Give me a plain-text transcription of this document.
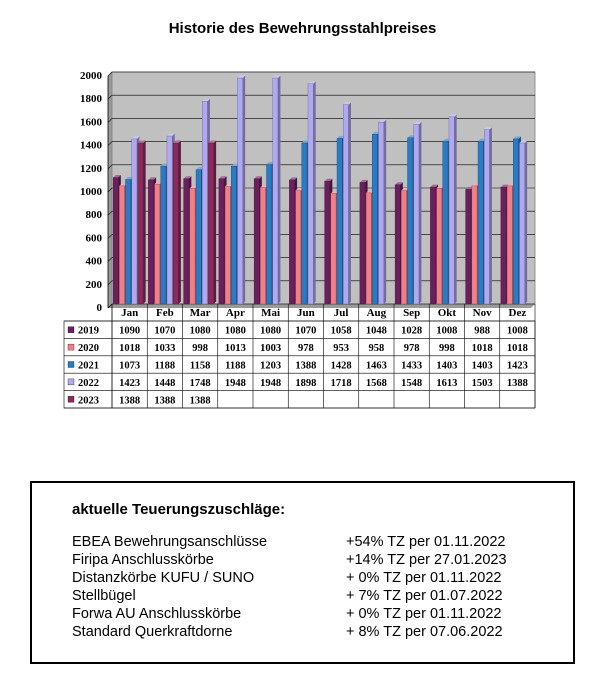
Historie des Bewehrungsstahlpreises
0
200
400
600
800
1000
1200
1400
1600
1800
2000
Jan Feb Mar Apr Mai Jun Jul Aug Sep Okt Nov Dez
2019 1090 1070 1080 1080 1080 1070 1058 1048 1028 1008 988 1008
2020 1018 1033 998 1013 1003 978 953 958 978 998 1018 1018
2021 1073 1188 1158 1188 1203 1388 1428 1463 1433 1403 1403 1423
2022 1423 1448 1748 1948 1948 1898 1718 1568 1548 1613 1503 1388
2023 1388 1388 1388
aktuelle Teuerungszuschläge:
EBEA Bewehrungsanschlüsse	+54% TZ per 01.11.2022
Firipa Anschlusskörbe	+14% TZ per 27.01.2023
Distanzkörbe KUFU / SUNO	+ 0% TZ per 01.11.2022
Stellbügel	+ 7% TZ per 01.07.2022
Forwa AU Anschlusskörbe	+ 0% TZ per 01.11.2022
Standard Querkraftdorne	+ 8% TZ per 07.06.2022
